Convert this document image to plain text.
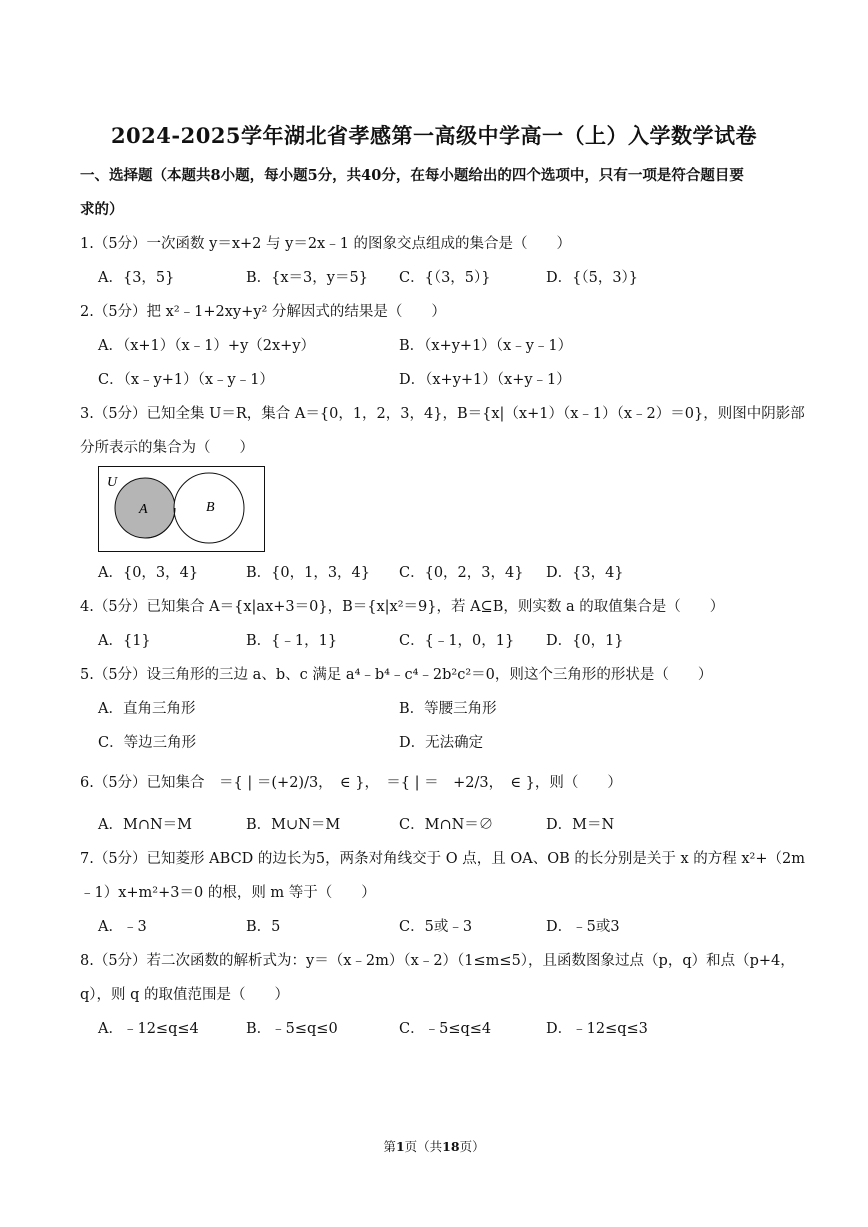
2024-2025学年湖北省孝感第一高级中学高一（上）入学数学试卷
一、选择题（本题共8小题，每小题5分，共40分，在每小题给出的四个选项中，只有一项是符合题目要
求的）
1.（5分）一次函数 y＝x+2 与 y＝2x﹣1 的图象交点组成的集合是（　　）
A．{3，5}	B．{x＝3，y＝5} C．{（3，5）}	D．{（5，3）}
2.（5分）把 x²﹣1+2xy+y² 分解因式的结果是（　　）
A．（x+1）（x﹣1）+y（2x+y）	B．（x+y+1）（x﹣y﹣1）
C．（x﹣y+1）（x﹣y﹣1）	D．（x+y+1）（x+y﹣1）
3.（5分）已知全集 U＝R，集合 A＝{0，1，2，3，4}，B＝{x|（x+1）（x﹣1）（x﹣2）＝0}，则图中阴影部
分所表示的集合为（　　）
U
A	B
A．{0，3，4}	B．{0，1，3，4} C．{0，2，3，4} D．{3，4}
4.（5分）已知集合 A＝{x|ax+3＝0}，B＝{x|x²＝9}，若 A⊆B，则实数 a 的取值集合是（　　）
A．{1}	B．{﹣1，1}	C．{﹣1，0，1} D．{0，1}
5.（5分）设三角形的三边 a、b、c 满足 a⁴﹣b⁴﹣c⁴﹣2b²c²＝0，则这个三角形的形状是（　　）
A．直角三角形	B．等腰三角形
C．等边三角形	D．无法确定
6.（5分）已知集合　＝{ | ＝(+2)/3，　∈ }，　＝{ | ＝　+2/3，　∈ }，则（　　）
A．M∩N＝M	B．M∪N＝M	C．M∩N＝∅	D．M＝N
7.（5分）已知菱形 ABCD 的边长为5，两条对角线交于 O 点，且 OA、OB 的长分别是关于 x 的方程 x²+（2m
﹣1）x+m²+3＝0 的根，则 m 等于（　　）
A．﹣3	B．5	C．5或﹣3	D．﹣5或3
8.（5分）若二次函数的解析式为：y＝（x﹣2m）（x﹣2）（1≤m≤5），且函数图象过点（p，q）和点（p+4，
q），则 q 的取值范围是（　　）
A．﹣12≤q≤4	B．﹣5≤q≤0	C．﹣5≤q≤4	D．﹣12≤q≤3
第1页（共18页）
